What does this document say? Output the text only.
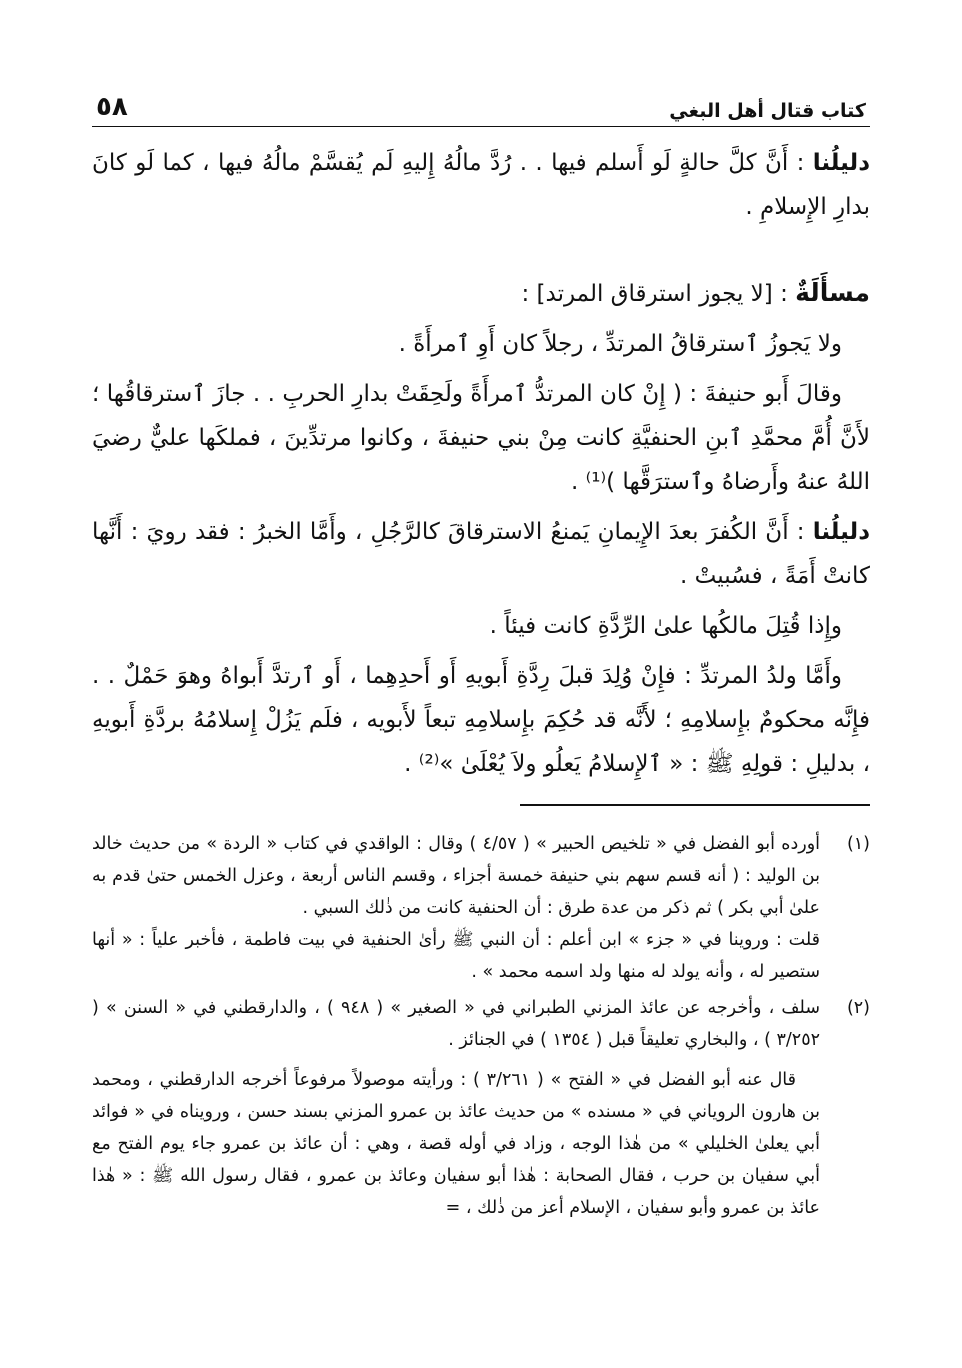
كتاب قتال أهل البغي
٥٨

دليلُنا : أَنَّ كلَّ حالةٍ لَو أَسلم فيها . . رُدَّ مالُهُ إِليهِ لَم يُقسَّمْ مالُهُ فيها ، كما لَو كانَ بدارِ الإِسلامِ .

مسأَلَةٌ : [لا يجوز استرقاق المرتد] :

ولا يَجوزُ ٱسترقاقُ المرتدِّ ، رجلاً كان أَوِ ٱمرأَةً .

وقالَ أَبو حنيفةَ : ( إِنْ كان المرتدُّ ٱمرأَةً ولَحِقَتْ بدارِ الحربِ . . جازَ ٱسترقاقُها ؛ لأَنَّ أُمَّ محمَّدِ ٱبنِ الحنفيَّةِ كانت مِنْ بني حنيفةَ ، وكانوا مرتدِّينَ ، فملكَها عليٌّ رضيَ اللهُ عنهُ وأَرضاهُ وٱسترَقَّها )⁽¹⁾ .

دليلُنا : أَنَّ الكُفرَ بعدَ الإِيمانِ يَمنعُ الاسترقاقَ كالرَّجُلِ ، وأَمَّا الخبرُ : فقد رويَ : أَنَّها كانتْ أَمَةً ، فسُبيتْ .

وإِذا قُتِلَ مالكُها علىٰ الرِّدَّةِ كانت فيئاً .

وأَمَّا ولدُ المرتدِّ : فإِنْ وُلِدَ قبلَ رِدَّةِ أَبويهِ أَو أَحدِهِما ، أَو ٱرتدَّ أَبواهُ وهوَ حَمْلٌ . . فإِنَّه محكومٌ بإِسلامِهِ ؛ لأَنَّه قد حُكِمَ بإِسلامِهِ تبعاً لأَبويه ، فلَم يَزُلْ إِسلامُهُ بردَّةِ أَبويهِ ، بدليلِ : قولِهِ ﷺ : « ٱلإِسلامُ يَعلُو ولاَ يُعْلَىٰ »⁽²⁾ .

(١)

أورده أبو الفضل في « تلخيص الحبير » ( ٤/٥٧ ) وقال : الواقدي في كتاب « الردة » من حديث خالد بن الوليد : ( أنه قسم سهم بني حنيفة خمسة أجزاء ، وقسم الناس أربعة ، وعزل الخمس حتىٰ قدم به علىٰ أبي بكر ) ثم ذكر من عدة طرق : أن الحنفية كانت من ذٰلك السبي .

قلت : وروينا في « جزء » ابن أعلم : أن النبي ﷺ رأىٰ الحنفية في بيت فاطمة ، فأخبر علياً : « أنها ستصير له ، وأنه يولد له منها ولد اسمه محمد » .

(٢)

سلف ، وأخرجه عن عائذ المزني الطبراني في « الصغير » ( ٩٤٨ ) ، والدارقطني في « السنن » ( ٣/٢٥٢ ) ، والبخاري تعليقاً قبل ( ١٣٥٤ ) في الجنائز .

قال عنه أبو الفضل في « الفتح » ( ٣/٢٦١ ) : ورأيته موصولاً مرفوعاً أخرجه الدارقطني ، ومحمد بن هارون الروياني في « مسنده » من حديث عائذ بن عمرو المزني بسند حسن ، ورويناه في « فوائد أبي يعلىٰ الخليلي » من هٰذا الوجه ، وزاد في أوله قصة ، وهي : أن عائذ بن عمرو جاء يوم الفتح مع أبي سفيان بن حرب ، فقال الصحابة : هٰذا أبو سفيان وعائذ بن عمرو ، فقال رسول الله ﷺ : « هٰذا عائذ بن عمرو وأبو سفيان ، الإسلام أعز من ذٰلك ، =
